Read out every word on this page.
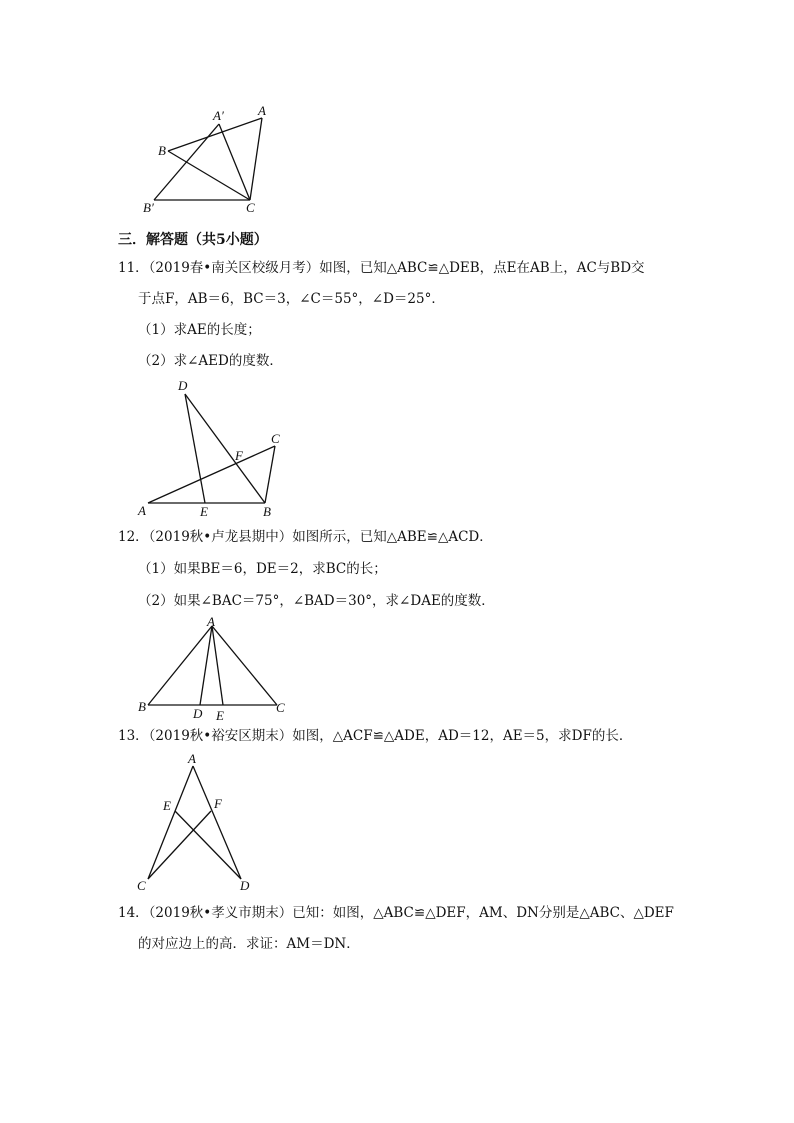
A′	A
B
B′	C
三．解答题（共5小题）
11．（2019春•南关区校级月考）如图，已知△ABC≌△DEB，点E在AB上，AC与BD交
于点F，AB＝6，BC＝3，∠C＝55°，∠D＝25°．
（1）求AE的长度；
（2）求∠AED的度数．
D
C
F
A	E	B
12．（2019秋•卢龙县期中）如图所示，已知△ABE≌△ACD．
（1）如果BE＝6，DE＝2，求BC的长；
（2）如果∠BAC＝75°，∠BAD＝30°，求∠DAE的度数．
A
B	D E
C
13．（2019秋•裕安区期末）如图，△ACF≌△ADE，AD＝12，AE＝5，求DF的长．
A
E	F
C	D
14．（2019秋•孝义市期末）已知：如图，△ABC≌△DEF，AM、DN分别是△ABC、△DEF
的对应边上的高．求证：AM＝DN．
